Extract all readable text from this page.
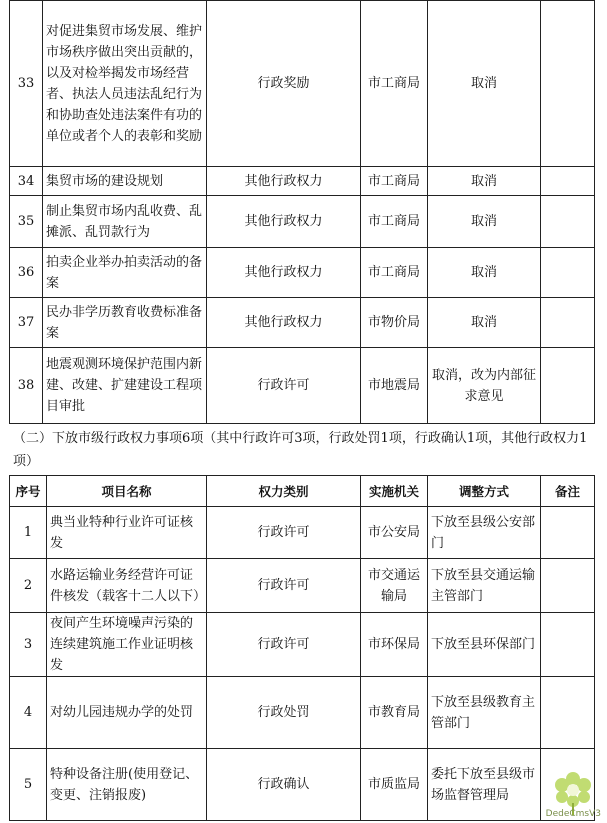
33	对促进集贸市场发展、维护市场秩序做出突出贡献的，以及对检举揭发市场经营者、执法人员违法乱纪行为和协助查处违法案件有功的单位或者个人的表彰和奖励	行政奖励	市工商局	取消	
34	集贸市场的建设规划	其他行政权力	市工商局	取消	
35	制止集贸市场内乱收费、乱摊派、乱罚款行为	其他行政权力	市工商局	取消	
36	拍卖企业举办拍卖活动的备案	其他行政权力	市工商局	取消	
37	民办非学历教育收费标准备案	其他行政权力	市物价局	取消	
38	地震观测环境保护范围内新建、改建、扩建建设工程项目审批	行政许可	市地震局	取消，改为内部征求意见	
（二）下放市级行政权力事项6项（其中行政许可3项，行政处罚1项，行政确认1项，其他行政权力1项）
序号	项目名称	权力类别	实施机关	调整方式	备注
1	典当业特种行业许可证核发	行政许可	市公安局	下放至县级公安部门	
2	水路运输业务经营许可证件核发（载客十二人以下）	行政许可	市交通运输局	下放至县交通运输主管部门	
3	夜间产生环境噪声污染的连续建筑施工作业证明核发	行政许可	市环保局	下放至县环保部门	
4	对幼儿园违规办学的处罚	行政处罚	市教育局	下放至县级教育主管部门	
5	特种设备注册(使用登记、变更、注销报废)	行政确认	市质监局	委托下放至县级市场监督管理局	
DedeCmsV3
